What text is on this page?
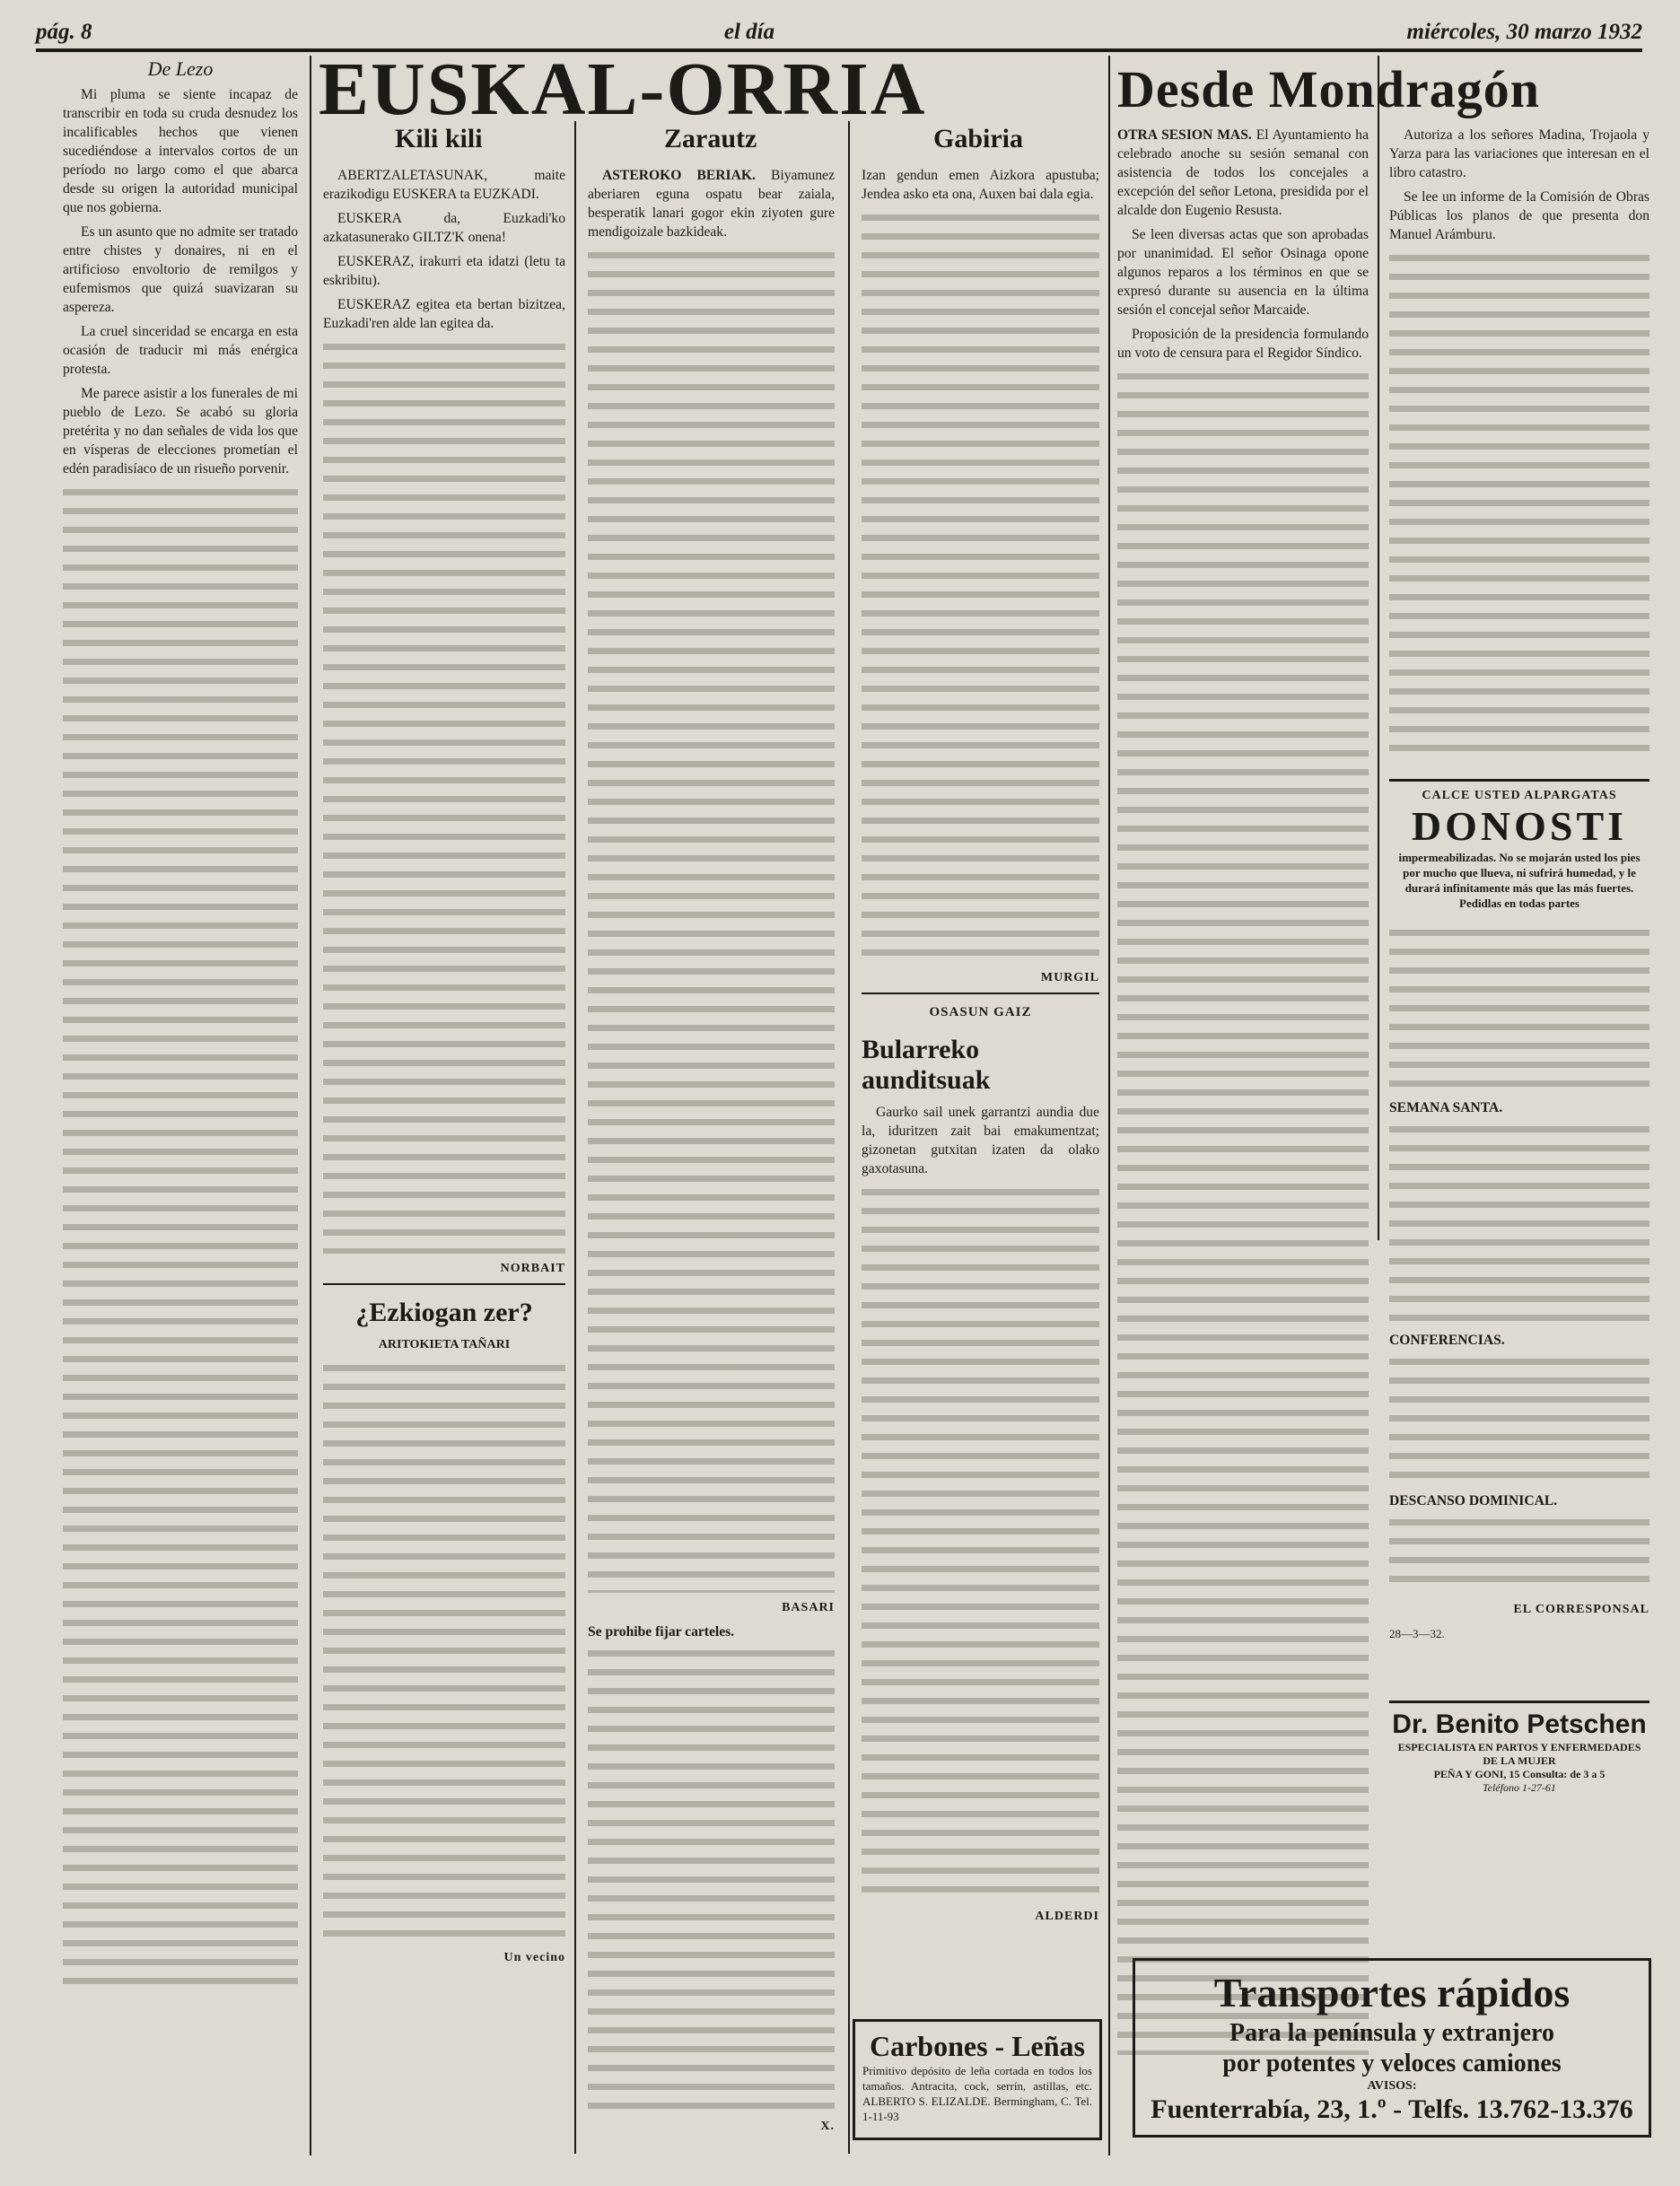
pág. 8	el día	miércoles, 30 marzo 1932
De Lezo

Mi pluma se siente incapaz de transcribir en toda su cruda desnudez los incalificables hechos que vienen sucediéndose a intervalos cortos de un período no largo como el que abarca desde su origen la autoridad municipal que nos gobierna.

Es un asunto que no admite ser tratado entre chistes y donaires, ni en el artificioso envoltorio de remilgos y eufemismos que quizá suavizaran su aspereza.

La cruel sinceridad se encarga en esta ocasión de traducir mi más enérgica protesta.

Me parece asistir a los funerales de mi pueblo de Lezo. Se acabó su gloria pretérita y no dan señales de vida los que en vísperas de elecciones prometían el edén paradisíaco de un risueño porvenir.

EUSKAL-ORRIA
Kili kili	Zarautz	Gabiria

ABERTZALETASUNAK, maite erazikodigu EUSKERA ta EUZKADI.

EUSKERA da, Euzkadi'ko azkatasunerako GILTZ'K onena!

EUSKERAZ, irakurri eta idatzi (letu ta eskribitu).

EUSKERAZ egitea eta bertan bizitzea, Euzkadi'ren alde lan egitea da.

NORBAIT
¿Ezkiogan zer?
ARITOKIETA TAÑARI
Un vecino

ASTEROKO BERIAK. Biyamunez aberiaren eguna ospatu bear zaiala, besperatik lanari gogor ekin ziyoten gure mendigoizale bazkideak.

BASARI

Se prohibe fijar carteles.

X.

Izan gendun emen Aizkora apustuba; Jendea asko eta ona, Auxen bai dala egia.

MURGIL
OSASUN GAIZ
Bularreko aunditsuak

Gaurko sail unek garrantzi aundia due la, iduritzen zait bai emakumentzat; gizonetan gutxitan izaten da olako gaxotasuna.

ALDERDI
Carbones - Leñas
Primitivo depósito de leña cortada en todos los tamaños. Antracita, cock, serrín, astillas, etc. ALBERTO S. ELIZALDE. Bermingham, C. Tel. 1-11-93
Desde Mondragón

OTRA SESION MAS. El Ayuntamiento ha celebrado anoche su sesión semanal con asistencia de todos los concejales a excepción del señor Letona, presidida por el alcalde don Eugenio Resusta.

Se leen diversas actas que son aprobadas por unanimidad. El señor Osinaga opone algunos reparos a los términos en que se expresó durante su ausencia en la última sesión el concejal señor Marcaide.

Proposición de la presidencia formulando un voto de censura para el Regidor Síndico.

Autoriza a los señores Madina, Trojaola y Yarza para las variaciones que interesan en el libro catastro.

Se lee un informe de la Comisión de Obras Públicas los planos de que presenta don Manuel Arámburu.

CALCE USTED ALPARGATAS
DONOSTI
impermeabilizadas. No se mojarán usted los pies por mucho que llueva, ni sufrirá humedad, y le durará infinitamente más que las más fuertes. Pedidlas en todas partes

SEMANA SANTA.

CONFERENCIAS.

DESCANSO DOMINICAL.

EL CORRESPONSAL
28—3—32.
Dr. Benito Petschen
ESPECIALISTA EN PARTOS Y ENFERMEDADES DE LA MUJER
PEÑA Y GONI, 15 Consulta: de 3 a 5
Teléfono 1-27-61
Transportes rápidos
Para la península y extranjero
por potentes y veloces camiones
AVISOS:
Fuenterrabía, 23, 1.º - Telfs. 13.762-13.376
